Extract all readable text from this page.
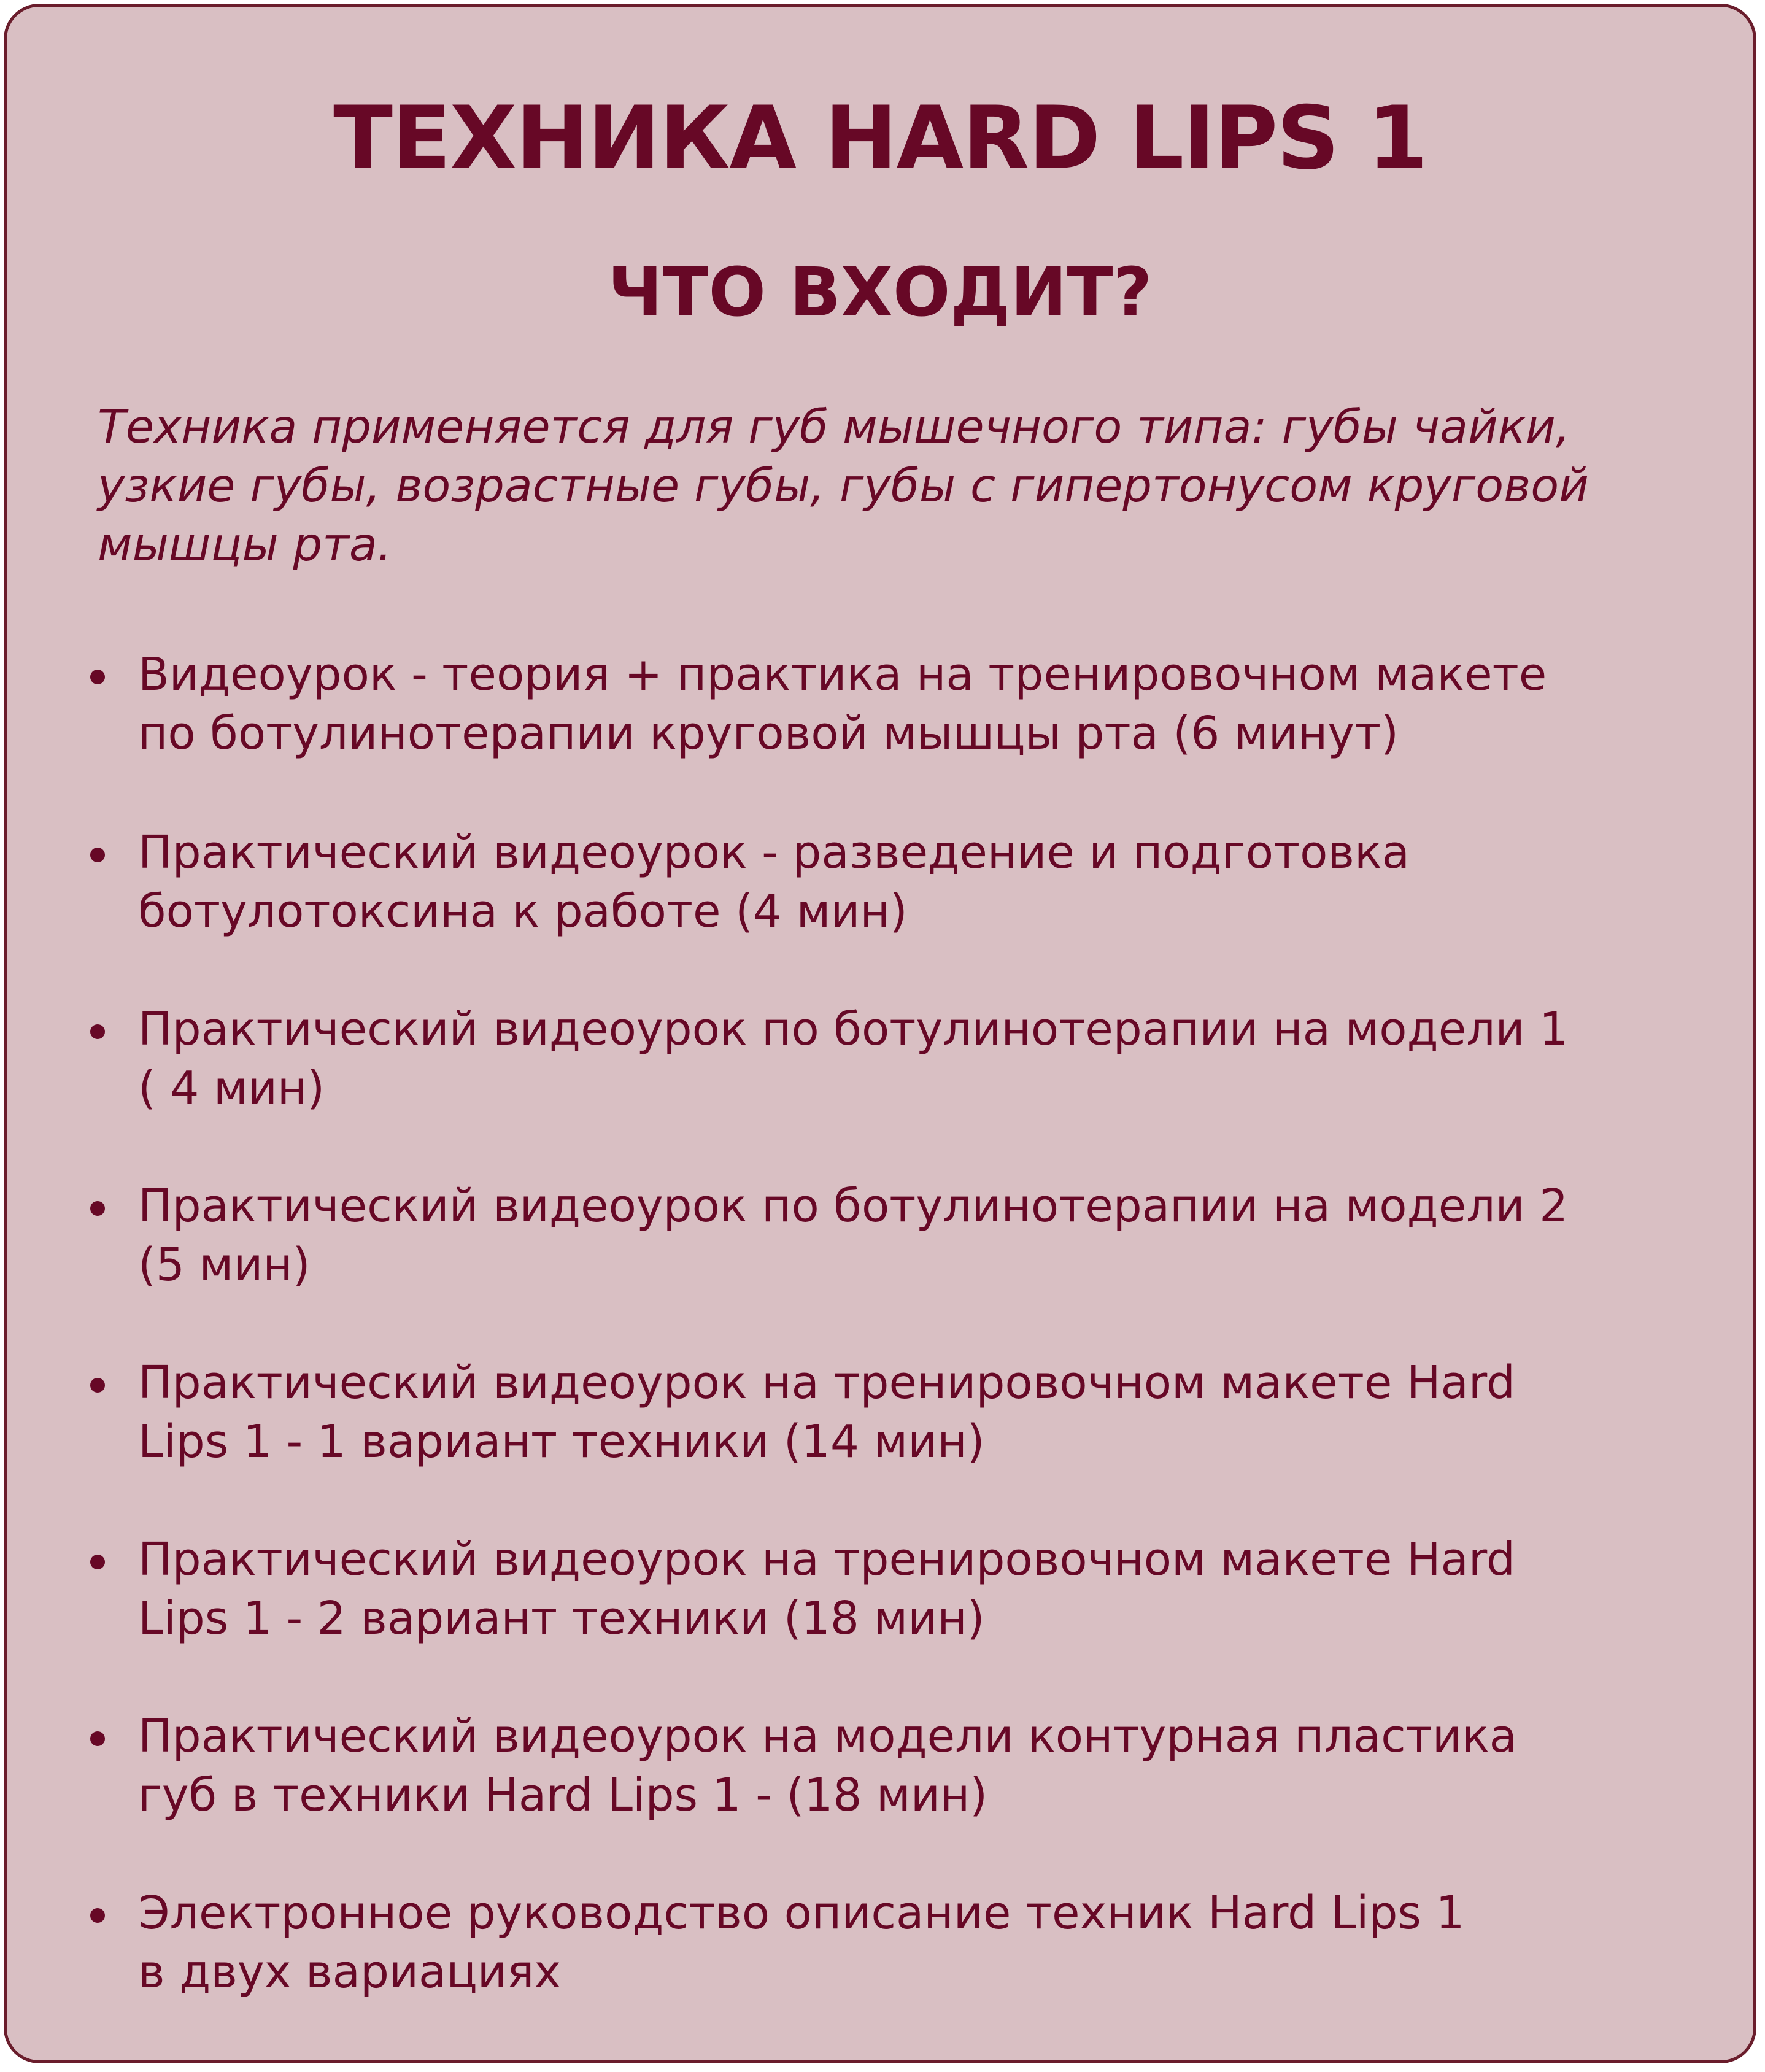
ТЕХНИКА HARD LIPS 1
ЧТО ВХОДИТ?

Техника применяется для губ мышечного типа: губы чайки,
узкие губы, возрастные губы, губы с гипертонусом круговой
мышцы рта.

Видеоурок - теория + практика на тренировочном макете
по ботулинотерапии круговой мышцы рта (6 минут)
Практический видеоурок - разведение и подготовка
ботулотоксина к работе (4 мин)
Практический видеоурок по ботулинотерапии на модели 1
( 4 мин)
Практический видеоурок по ботулинотерапии на модели 2
(5 мин)
Практический видеоурок на тренировочном макете Hard
Lips 1 - 1 вариант техники (14 мин)
Практический видеоурок на тренировочном макете Hard
Lips 1 - 2 вариант техники (18 мин)
Практический видеоурок на модели контурная пластика
губ в техники Hard Lips 1 - (18 мин)
Электронное руководство описание техник Hard Lips 1
в двух вариациях
